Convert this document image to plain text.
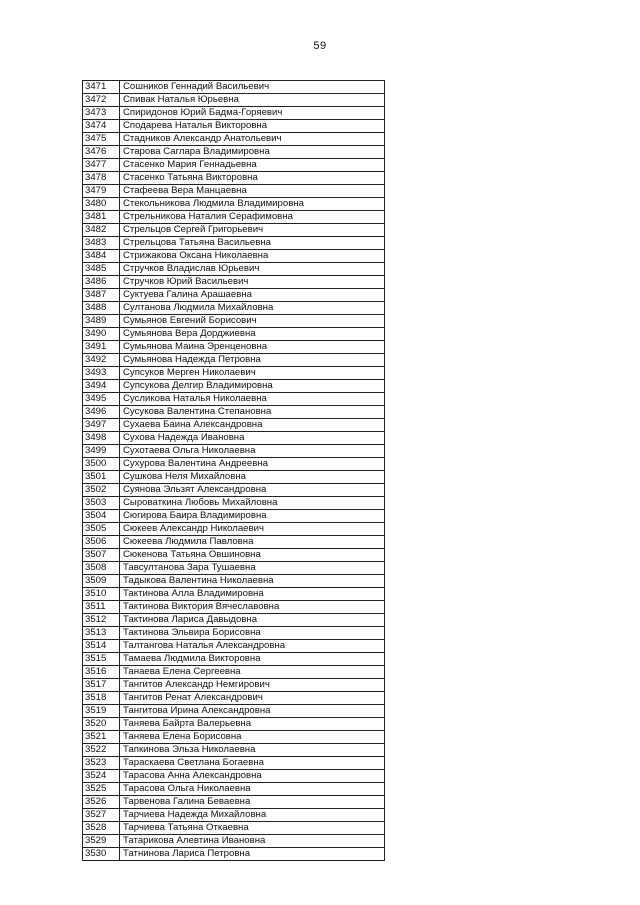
59
3471	Сошников Геннадий Васильевич
3472	Спивак Наталья Юрьевна
3473	Спиридонов Юрий Бадма-Горяевич
3474	Сподарева Наталья Викторовна
3475	Стадников Александр Анатольевич
3476	Старова Саглара Владимировна
3477	Стасенко Мария Геннадьевна
3478	Стасенко Татьяна Викторовна
3479	Стафеева Вера Манцаевна
3480	Стекольникова Людмила Владимировна
3481	Стрельникова Наталия Серафимовна
3482	Стрельцов Сергей Григорьевич
3483	Стрельцова Татьяна Васильевна
3484	Стрижакова Оксана Николаевна
3485	Стручков Владислав Юрьевич
3486	Стручков Юрий Васильевич
3487	Суктуева Галина Арашаевна
3488	Султанова Людмила Михайловна
3489	Сумьянов Евгений Борисович
3490	Сумьянова Вера Дорджиевна
3491	Сумьянова Маина Эренценовна
3492	Сумьянова Надежда Петровна
3493	Супсуков Мерген Николаевич
3494	Супсукова Делгир Владимировна
3495	Сусликова Наталья Николаевна
3496	Сусукова Валентина Степановна
3497	Сухаева Баина Александровна
3498	Сухова Надежда Ивановна
3499	Сухотаева Ольга Николаевна
3500	Сухурова Валентина Андреевна
3501	Сушкова Неля Михайловна
3502	Суянова Эльзят Александровна
3503	Сыроваткина Любовь Михайловна
3504	Сюгирова Баира Владимировна
3505	Сюкеев Александр Николаевич
3506	Сюкеева Людмила Павловна
3507	Сюкенова Татьяна Овшиновна
3508	Тавсултанова Зара Тушаевна
3509	Тадыкова Валентина Николаевна
3510	Тактинова Алла Владимировна
3511	Тактинова Виктория Вячеславовна
3512	Тактинова Лариса Давыдовна
3513	Тактинова Эльвира Борисовна
3514	Талтангова Наталья Александровна
3515	Тамаева Людмила Викторовна
3516	Танаева Елена Сергеевна
3517	Тангитов Александр Немгирович
3518	Тангитов Ренат Александрович
3519	Тангитова Ирина Александровна
3520	Таняева Байрта Валерьевна
3521	Таняева Елена Борисовна
3522	Тапкинова Эльза Николаевна
3523	Тараскаева Светлана Богаевна
3524	Тарасова Анна Александровна
3525	Тарасова Ольга Николаевна
3526	Тарвенова Галина Беваевна
3527	Тарчиева Надежда Михайловна
3528	Тарчиева Татьяна Откаевна
3529	Татарикова Алевтина Ивановна
3530	Татнинова Лариса Петровна
